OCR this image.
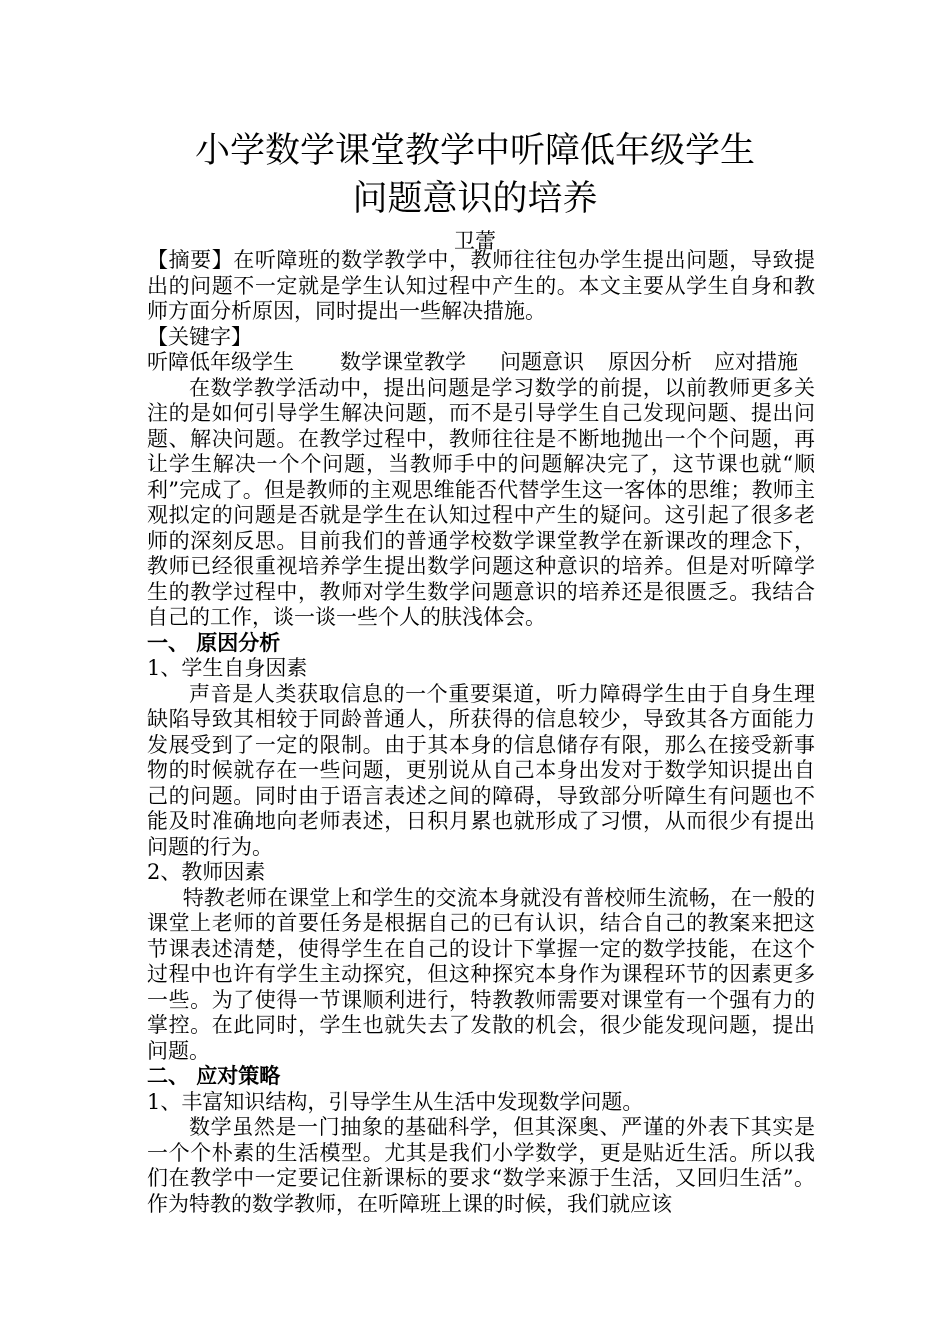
小学数学课堂教学中听障低年级学生
问题意识的培养
卫蕾

【摘要】在听障班的数学教学中，教师往往包办学生提出问题，导致提出的问题不一定就是学生认知过程中产生的。本文主要从学生自身和教师方面分析原因，同时提出一些解决措施。

【关键字】

听障低年级学生 数学课堂教学 问题意识 原因分析 应对措施

在数学教学活动中，提出问题是学习数学的前提，以前教师更多关注的是如何引导学生解决问题，而不是引导学生自己发现问题、提出问题、解决问题。在教学过程中，教师往往是不断地抛出一个个问题，再让学生解决一个个问题，当教师手中的问题解决完了，这节课也就“顺利”完成了。但是教师的主观思维能否代替学生这一客体的思维；教师主观拟定的问题是否就是学生在认知过程中产生的疑问。这引起了很多老师的深刻反思。目前我们的普通学校数学课堂教学在新课改的理念下，教师已经很重视培养学生提出数学问题这种意识的培养。但是对听障学生的教学过程中，教师对学生数学问题意识的培养还是很匮乏。我结合自己的工作，谈一谈一些个人的肤浅体会。

一、 原因分析

1、学生自身因素

声音是人类获取信息的一个重要渠道，听力障碍学生由于自身生理缺陷导致其相较于同龄普通人，所获得的信息较少，导致其各方面能力发展受到了一定的限制。由于其本身的信息储存有限，那么在接受新事物的时候就存在一些问题，更别说从自己本身出发对于数学知识提出自己的问题。同时由于语言表述之间的障碍，导致部分听障生有问题也不能及时准确地向老师表述，日积月累也就形成了习惯，从而很少有提出问题的行为。

2、教师因素

特教老师在课堂上和学生的交流本身就没有普校师生流畅，在一般的课堂上老师的首要任务是根据自己的已有认识，结合自己的教案来把这节课表述清楚，使得学生在自己的设计下掌握一定的数学技能，在这个过程中也许有学生主动探究，但这种探究本身作为课程环节的因素更多一些。为了使得一节课顺利进行，特教教师需要对课堂有一个强有力的掌控。在此同时，学生也就失去了发散的机会，很少能发现问题，提出问题。

二、 应对策略

1、丰富知识结构，引导学生从生活中发现数学问题。

数学虽然是一门抽象的基础科学，但其深奥、严谨的外表下其实是一个个朴素的生活模型。尤其是我们小学数学，更是贴近生活。所以我们在教学中一定要记住新课标的要求“数学来源于生活，又回归生活”。作为特教的数学教师，在听障班上课的时候，我们就应该
